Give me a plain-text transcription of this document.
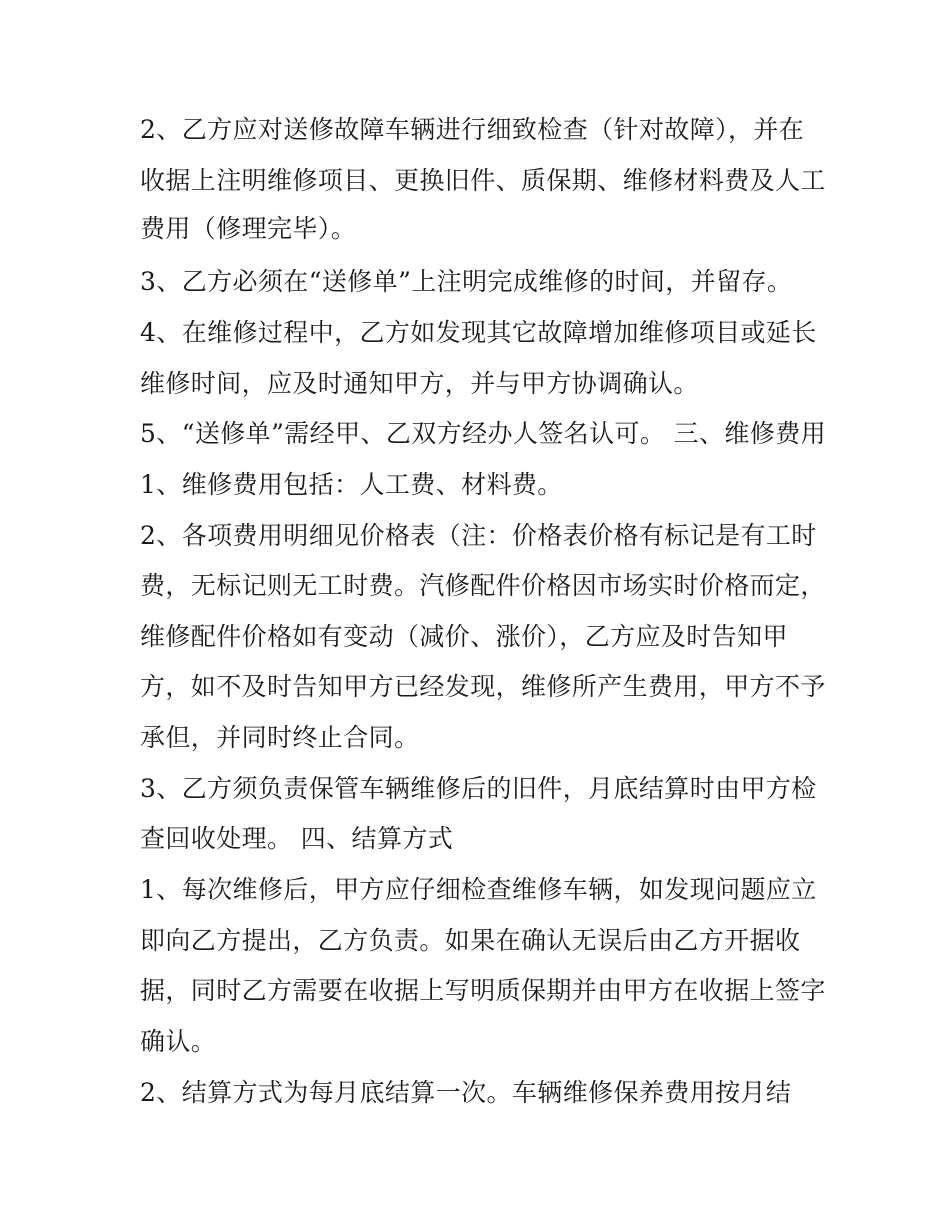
2、乙方应对送修故障车辆进行细致检查（针对故障），并在
收据上注明维修项目、更换旧件、质保期、维修材料费及人工
费用（修理完毕）。
3、乙方必须在“送修单”上注明完成维修的时间，并留存。
4、在维修过程中，乙方如发现其它故障增加维修项目或延长
维修时间，应及时通知甲方，并与甲方协调确认。
5、“送修单”需经甲、乙双方经办人签名认可。 三、维修费用
1、维修费用包括：人工费、材料费。
2、各项费用明细见价格表（注：价格表价格有标记是有工时
费，无标记则无工时费。汽修配件价格因市场实时价格而定，
维修配件价格如有变动（减价、涨价），乙方应及时告知甲
方，如不及时告知甲方已经发现，维修所产生费用，甲方不予
承但，并同时终止合同。
3、乙方须负责保管车辆维修后的旧件，月底结算时由甲方检
查回收处理。 四、结算方式
1、每次维修后，甲方应仔细检查维修车辆，如发现问题应立
即向乙方提出，乙方负责。如果在确认无误后由乙方开据收
据，同时乙方需要在收据上写明质保期并由甲方在收据上签字
确认。
2、结算方式为每月底结算一次。车辆维修保养费用按月结
